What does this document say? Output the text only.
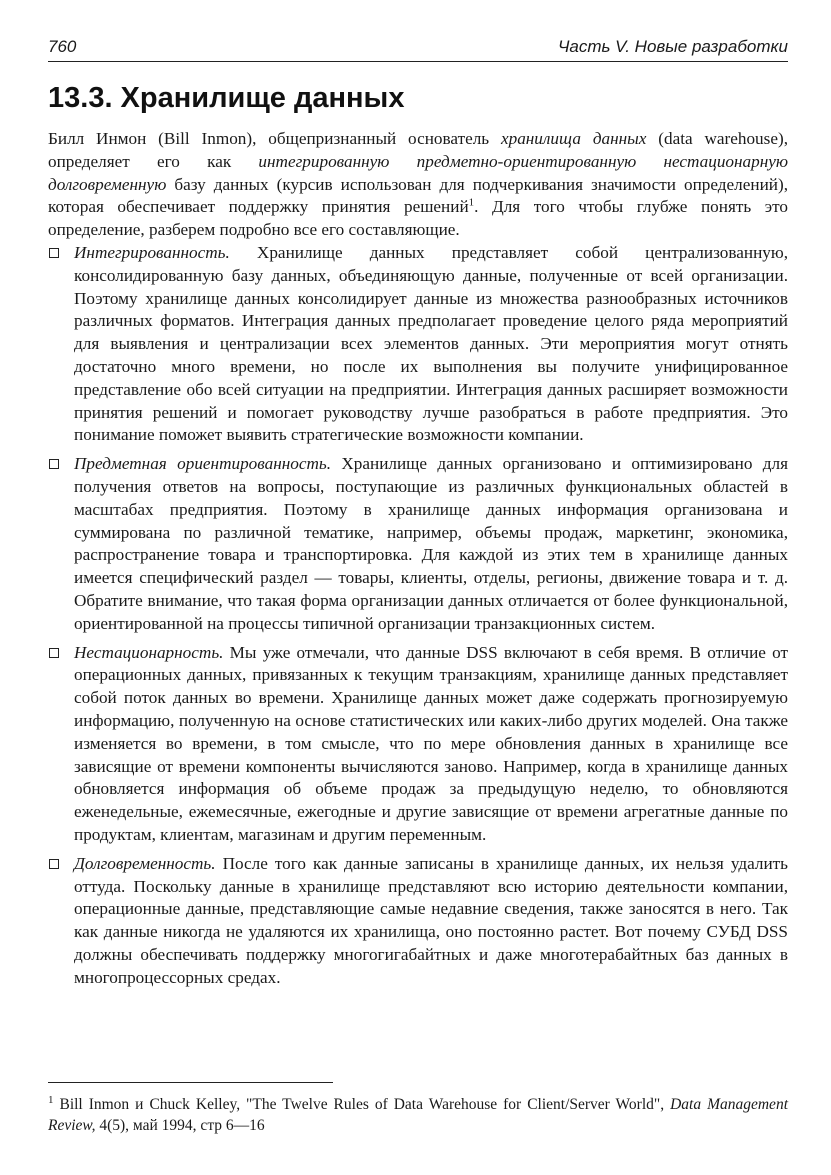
760	Часть V. Новые разработки
13.3. Хранилище данных

Билл Инмон (Bill Inmon), общепризнанный основатель хранилища данных (data warehouse), определяет его как интегрированную предметно-ориентированную нестационарную долговременную базу данных (курсив использован для подчеркивания значимости определений), которая обеспечивает поддержку принятия решений$^1$. Для того чтобы глубже понять это определение, разберем подробно все его составляющие.

Интегрированность. Хранилище данных представляет собой централизованную, консолидированную базу данных, объединяющую данные, полученные от всей организации. Поэтому хранилище данных консолидирует данные из множества разнообразных источников различных форматов. Интеграция данных предполагает проведение целого ряда мероприятий для выявления и централизации всех элементов данных. Эти мероприятия могут отнять достаточно много времени, но после их выполнения вы получите унифицированное представление обо всей ситуации на предприятии. Интеграция данных расширяет возможности принятия решений и помогает руководству лучше разобраться в работе предприятия. Это понимание поможет выявить стратегические возможности компании.
Предметная ориентированность. Хранилище данных организовано и оптимизировано для получения ответов на вопросы, поступающие из различных функциональных областей в масштабах предприятия. Поэтому в хранилище данных информация организована и суммирована по различной тематике, например, объемы продаж, маркетинг, экономика, распространение товара и транспортировка. Для каждой из этих тем в хранилище данных имеется специфический раздел — товары, клиенты, отделы, регионы, движение товара и т. д. Обратите внимание, что такая форма организации данных отличается от более функциональной, ориентированной на процессы типичной организации транзакционных систем.
Нестационарность. Мы уже отмечали, что данные DSS включают в себя время. В отличие от операционных данных, привязанных к текущим транзакциям, хранилище данных представляет собой поток данных во времени. Хранилище данных может даже содержать прогнозируемую информацию, полученную на основе статистических или каких-либо других моделей. Она также изменяется во времени, в том смысле, что по мере обновления данных в хранилище все зависящие от времени компоненты вычисляются заново. Например, когда в хранилище данных обновляется информация об объеме продаж за предыдущую неделю, то обновляются еженедельные, ежемесячные, ежегодные и другие зависящие от времени агрегатные данные по продуктам, клиентам, магазинам и другим переменным.
Долговременность. После того как данные записаны в хранилище данных, их нельзя удалить оттуда. Поскольку данные в хранилище представляют всю историю деятельности компании, операционные данные, представляющие самые недавние сведения, также заносятся в него. Так как данные никогда не удаляются их хранилища, оно постоянно растет. Вот почему СУБД DSS должны обеспечивать поддержку многогигабайтных и даже многотерабайтных баз данных в многопроцессорных средах.

$^1$ Bill Inmon и Chuck Kelley, "The Twelve Rules of Data Warehouse for Client/Server World", Data Management Review, 4(5), май 1994, стр 6—16
